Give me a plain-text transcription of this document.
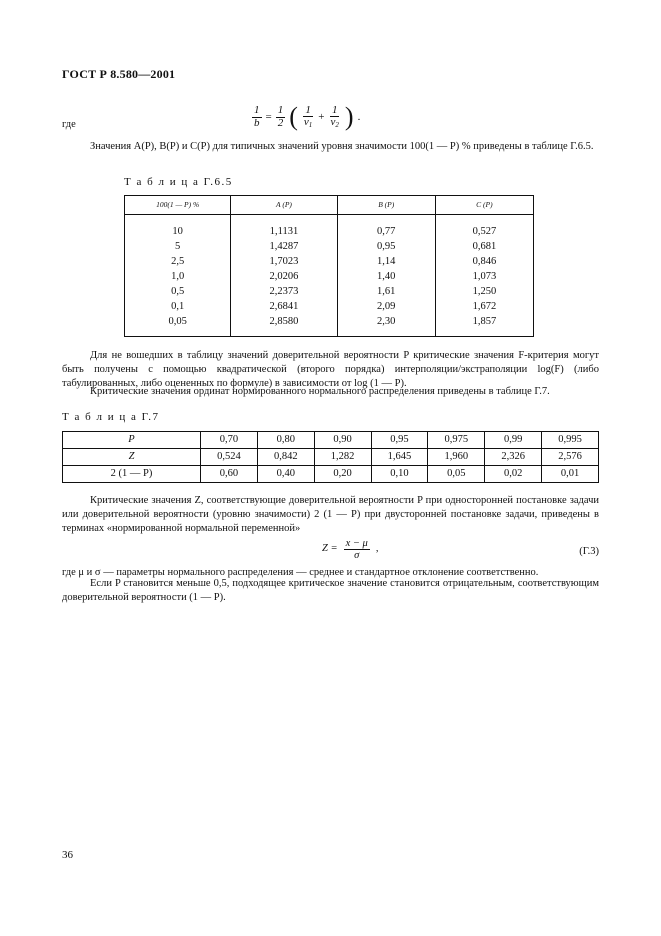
ГОСТ Р 8.580—2001
где	$\frac{1}{b} = \frac{1}{2}$ ( $\frac{1}{\nu_1} + \frac{1}{\nu_2}$ ) .
Значения A(P), B(P) и C(P) для типичных значений уровня значимости 100(1 — P) % приведены в таблице Г.6.5.
Т а б л и ц а Г.6.5
100(1 — P) %	A (P)	B (P)	C (P)
10	1,1131	0,77	0,527
5	1,4287	0,95	0,681
2,5	1,7023	1,14	0,846
1,0	2,0206	1,40	1,073
0,5	2,2373	1,61	1,250
0,1	2,6841	2,09	1,672
0,05	2,8580	2,30	1,857
Для не вошедших в таблицу значений доверительной вероятности P критические значения F-критерия могут быть получены с помощью квадратической (второго порядка) интерполяции/экстраполяции log(F) (либо табулированных, либо оцененных по формуле) в зависимости от log (1 — P).
Критические значения ординат нормированного нормального распределения приведены в таблице Г.7.
Т а б л и ц а Г.7
P	0,70	0,80	0,90	0,95	0,975	0,99	0,995
Z	0,524	0,842	1,282	1,645	1,960	2,326	2,576
2 (1 — P)	0,60	0,40	0,20	0,10	0,05	0,02	0,01
Критические значения Z, соответствующие доверительной вероятности P при односторонней постановке задачи или доверительной вероятности (уровню значимости) 2 (1 — P) при двусторонней постановке задачи, приведены в терминах «нормированной нормальной переменной»
$Z = \frac{x - \mu}{\sigma}$ ,	(Г.3)
где μ и σ — параметры нормального распределения — среднее и стандартное отклонение соответственно.
Если P становится меньше 0,5, подходящее критическое значение становится отрицательным, соответствующим доверительной вероятности (1 — P).
36
